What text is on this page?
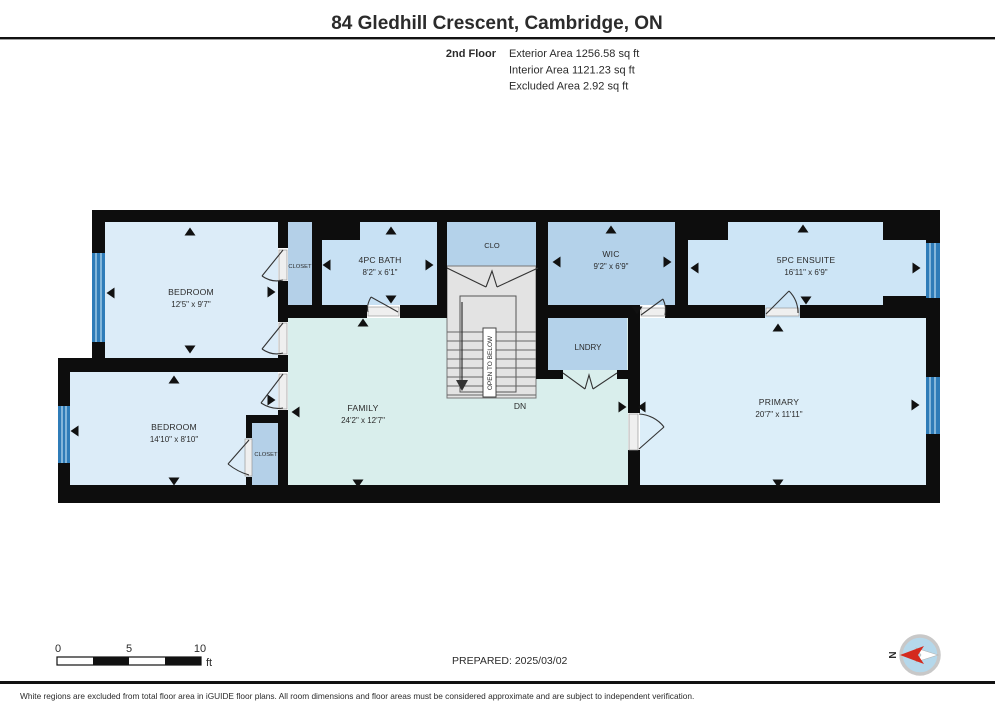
84 Gledhill Crescent, Cambridge, ON
2nd Floor Exterior Area 1256.58 sq ft
Interior Area 1121.23 sq ft
Excluded Area 2.92 sq ft
OPEN TO BELOW
BEDROOM
12'5" x 9'7"
BEDROOM
14'10" x 8'10"
4PC BATH
8'2" x 6'1"
WIC
9'2" x 6'9"
5PC ENSUITE
16'11" x 6'9"
FAMILY
24'2" x 12'7"
PRIMARY
20'7" x 11'11"
CLOSET
CLOSET
CLO
LNDRY
DN
0	5	10
ft	PREPARED: 2025/03/02	N
White regions are excluded from total floor area in iGUIDE floor plans. All room dimensions and floor areas must be considered approximate and are subject to independent verification.
